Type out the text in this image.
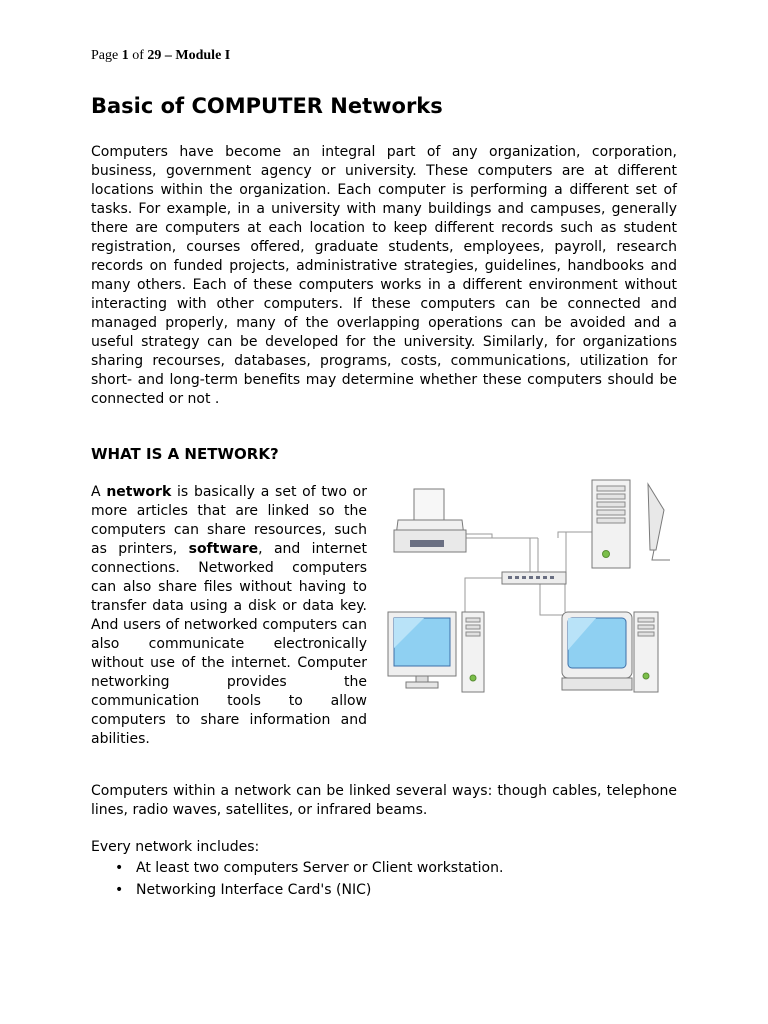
Page 1 of 29 – Module I
Basic of COMPUTER Networks

Computers have become an integral part of any organization, corporation, business, government agency or university. These computers are at different locations within the organization. Each computer is performing a different set of tasks. For example, in a university with many buildings and campuses, generally there are computers at each location to keep different records such as student registration, courses offered, graduate students, employees, payroll, research records on funded projects, administrative strategies, guidelines, handbooks and many others. Each of these computers works in a different environment without interacting with other computers. If these computers can be connected and managed properly, many of the overlapping operations can be avoided and a useful strategy can be developed for the university. Similarly, for organizations sharing recourses, databases, programs, costs, communications, utilization for short- and long-term benefits may determine whether these computers should be connected or not .

WHAT IS A NETWORK?

A network is basically a set of two or more articles that are linked so the computers can share resources, such as printers, software, and internet connections. Networked computers can also share files without having to transfer data using a disk or data key. And users of networked computers can also communicate electronically without use of the internet. Computer networking provides the communication tools to allow computers to share information and abilities.

Computers within a network can be linked several ways: though cables, telephone lines, radio waves, satellites, or infrared beams.

Every network includes:

• At least two computers Server or Client workstation.
• Networking Interface Card's (NIC)
